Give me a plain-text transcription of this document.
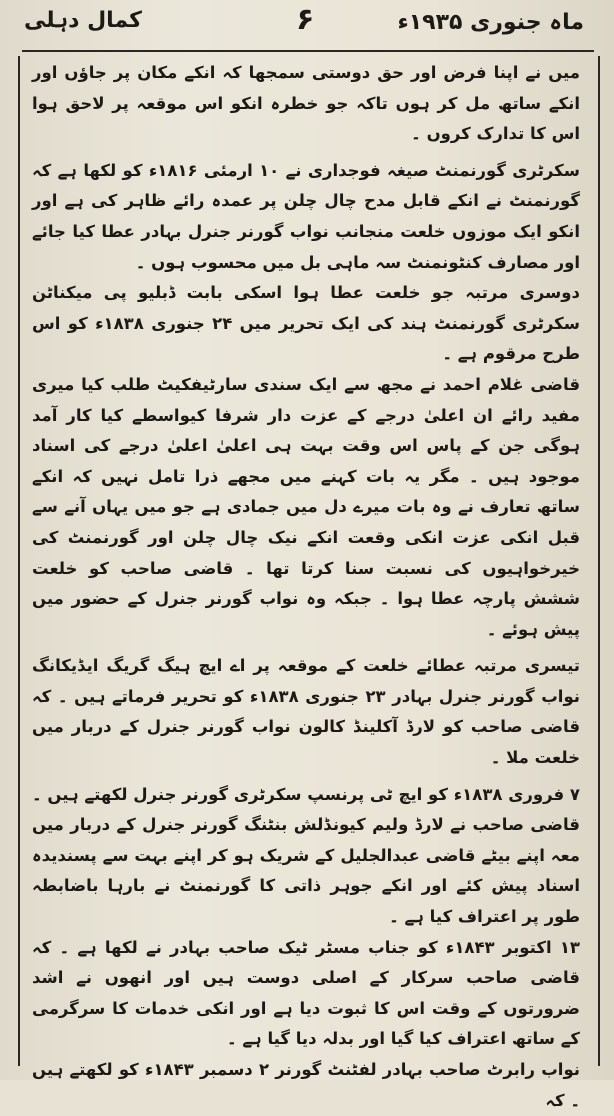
کمال دہلی	۶	ماہ جنوری ۱۹۳۵ء

میں نے اپنا فرض اور حق دوستی سمجھا کہ انکے مکان پر جاؤں اور انکے ساتھ مل کر ہوں تاکہ جو خطرہ انکو اس موقعہ پر لاحق ہوا اس کا تدارک کروں ۔

سکرٹری گورنمنٹ صیغہ فوجداری نے ۱۰ ارمئی ۱۸۱۶ء کو لکھا ہے کہ گورنمنٹ نے انکے قابل مدح چال چلن پر عمدہ رائے ظاہر کی ہے اور انکو ایک موزوں خلعت منجانب نواب گورنر جنرل بہادر عطا کیا جائے اور مصارف کنٹونمنٹ سہ ماہی بل میں محسوب ہوں ۔

دوسری مرتبہ جو خلعت عطا ہوا اسکی بابت ڈبلیو پی میکناٹن سکرٹری گورنمنٹ ہند کی ایک تحریر میں ۲۴ جنوری ۱۸۳۸ء کو اس طرح مرقوم ہے ۔

قاضی غلام احمد نے مجھ سے ایک سندی سارٹیفکیٹ طلب کیا میری مفید رائے ان اعلیٰ درجے کے عزت دار شرفا کیواسطے کیا کار آمد ہوگی جن کے پاس اس وقت بہت ہی اعلیٰ اعلیٰ درجے کی اسناد موجود ہیں ۔ مگر یہ بات کہنے میں مجھے ذرا تامل نہیں کہ انکے ساتھ تعارف نے وہ بات میرے دل میں جمادی ہے جو میں یہاں آنے سے قبل انکی عزت انکی وقعت انکے نیک چال چلن اور گورنمنٹ کی خیرخواہیوں کی نسبت سنا کرتا تھا ۔ قاضی صاحب کو خلعت ششش پارچہ عطا ہوا ۔ جبکہ وہ نواب گورنر جنرل کے حضور میں پیش ہوئے ۔

تیسری مرتبہ عطائے خلعت کے موقعہ پر اے ایچ ہیگ گریگ ایڈیکانگ نواب گورنر جنرل بہادر ۲۳ جنوری ۱۸۳۸ء کو تحریر فرماتے ہیں ۔ کہ قاضی صاحب کو لارڈ آکلینڈ کالون نواب گورنر جنرل کے دربار میں خلعت ملا ۔

۷ فروری ۱۸۳۸ء کو ایچ ٹی پرنسپ سکرٹری گورنر جنرل لکھتے ہیں ۔ قاضی صاحب نے لارڈ ولیم کیونڈلش بنٹنگ گورنر جنرل کے دربار میں معہ اپنے بیٹے قاضی عبدالجلیل کے شریک ہو کر اپنے بہت سے پسندیدہ اسناد پیش کئے اور انکے جوہر ذاتی کا گورنمنٹ نے بارہا باضابطہ طور پر اعتراف کیا ہے ۔

۱۳ اکتوبر ۱۸۴۳ء کو جناب مسٹر ٹیک صاحب بہادر نے لکھا ہے ۔ کہ قاضی صاحب سرکار کے اصلی دوست ہیں اور انھوں نے اشد ضرورتوں کے وقت اس کا ثبوت دیا ہے اور انکی خدمات کا سرگرمی کے ساتھ اعتراف کیا گیا اور بدلہ دیا گیا ہے ۔

نواب رابرٹ صاحب بہادر لفٹنٹ گورنر ۲ دسمبر ۱۸۴۳ء کو لکھتے ہیں ۔ کہ
